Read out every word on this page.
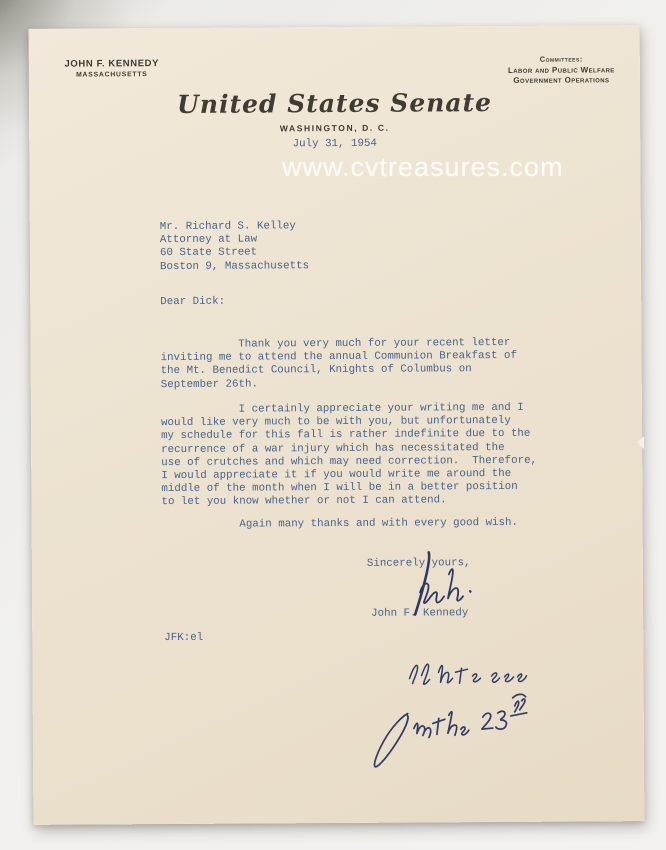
JOHN F. KENNEDY
MASSACHUSETTS
Committees:
Labor and Public Welfare
Government Operations
United States Senate
WASHINGTON, D. C.
July 31, 1954
Mr. Richard S. Kelley
Attorney at Law
60 State Street
Boston 9, Massachusetts
Dear Dick:
Thank you very much for your recent letter
inviting me to attend the annual Communion Breakfast of
the Mt. Benedict Council, Knights of Columbus on
September 26th.
I certainly appreciate your writing me and I
would like very much to be with you, but unfortunately
my schedule for this fall is rather indefinite due to the
recurrence of a war injury which has necessitated the
use of crutches and which may need correction.  Therefore,
I would appreciate it if you would write me around the
middle of the month when I will be in a better position
to let you know whether or not I can attend.
Again many thanks and with every good wish.
Sincerely yours,
John F. Kennedy
JFK:el
www.cvtreasures.com
